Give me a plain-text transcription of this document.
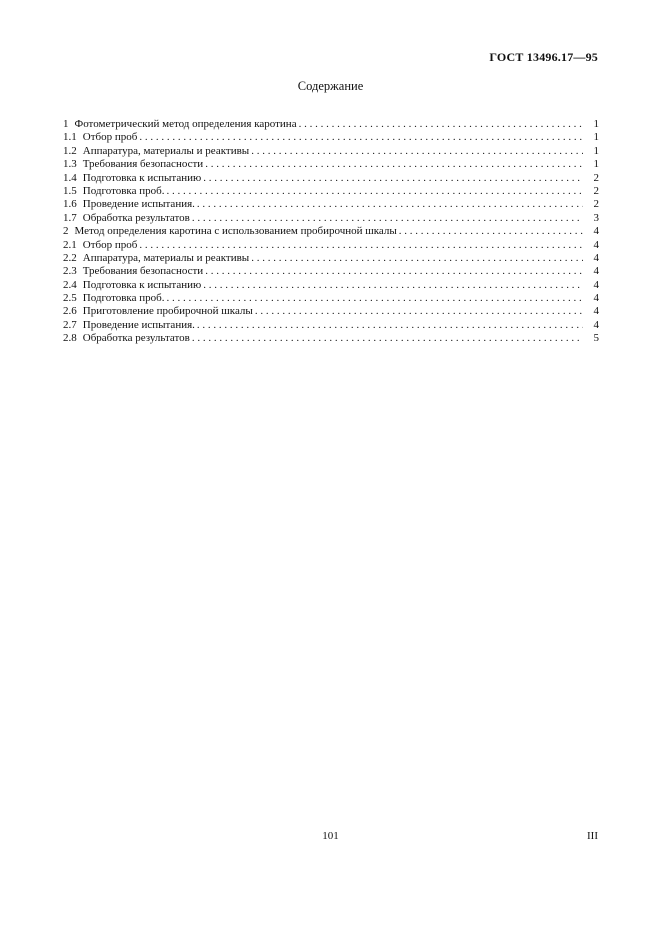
ГОСТ 13496.17—95
Содержание
1 Фотометрический метод определения каротина . . .	1
1.1 Отбор проб . . .	1
1.2 Аппаратура, материалы и реактивы . . .	1
1.3 Требования безопасности . . .	1
1.4 Подготовка к испытанию . . .	2
1.5 Подготовка проб. . . .	2
1.6 Проведение испытания. . . .	2
1.7 Обработка результатов . . .	3
2 Метод определения каротина с использованием пробирочной шкалы . . .	4
2.1 Отбор проб . . .	4
2.2 Аппаратура, материалы и реактивы . . .	4
2.3 Требования безопасности . . .	4
2.4 Подготовка к испытанию . . .	4
2.5 Подготовка проб. . . .	4
2.6 Приготовление пробирочной шкалы . . .	4
2.7 Проведение испытания. . . .	4
2.8 Обработка результатов . . .	5
101	III
